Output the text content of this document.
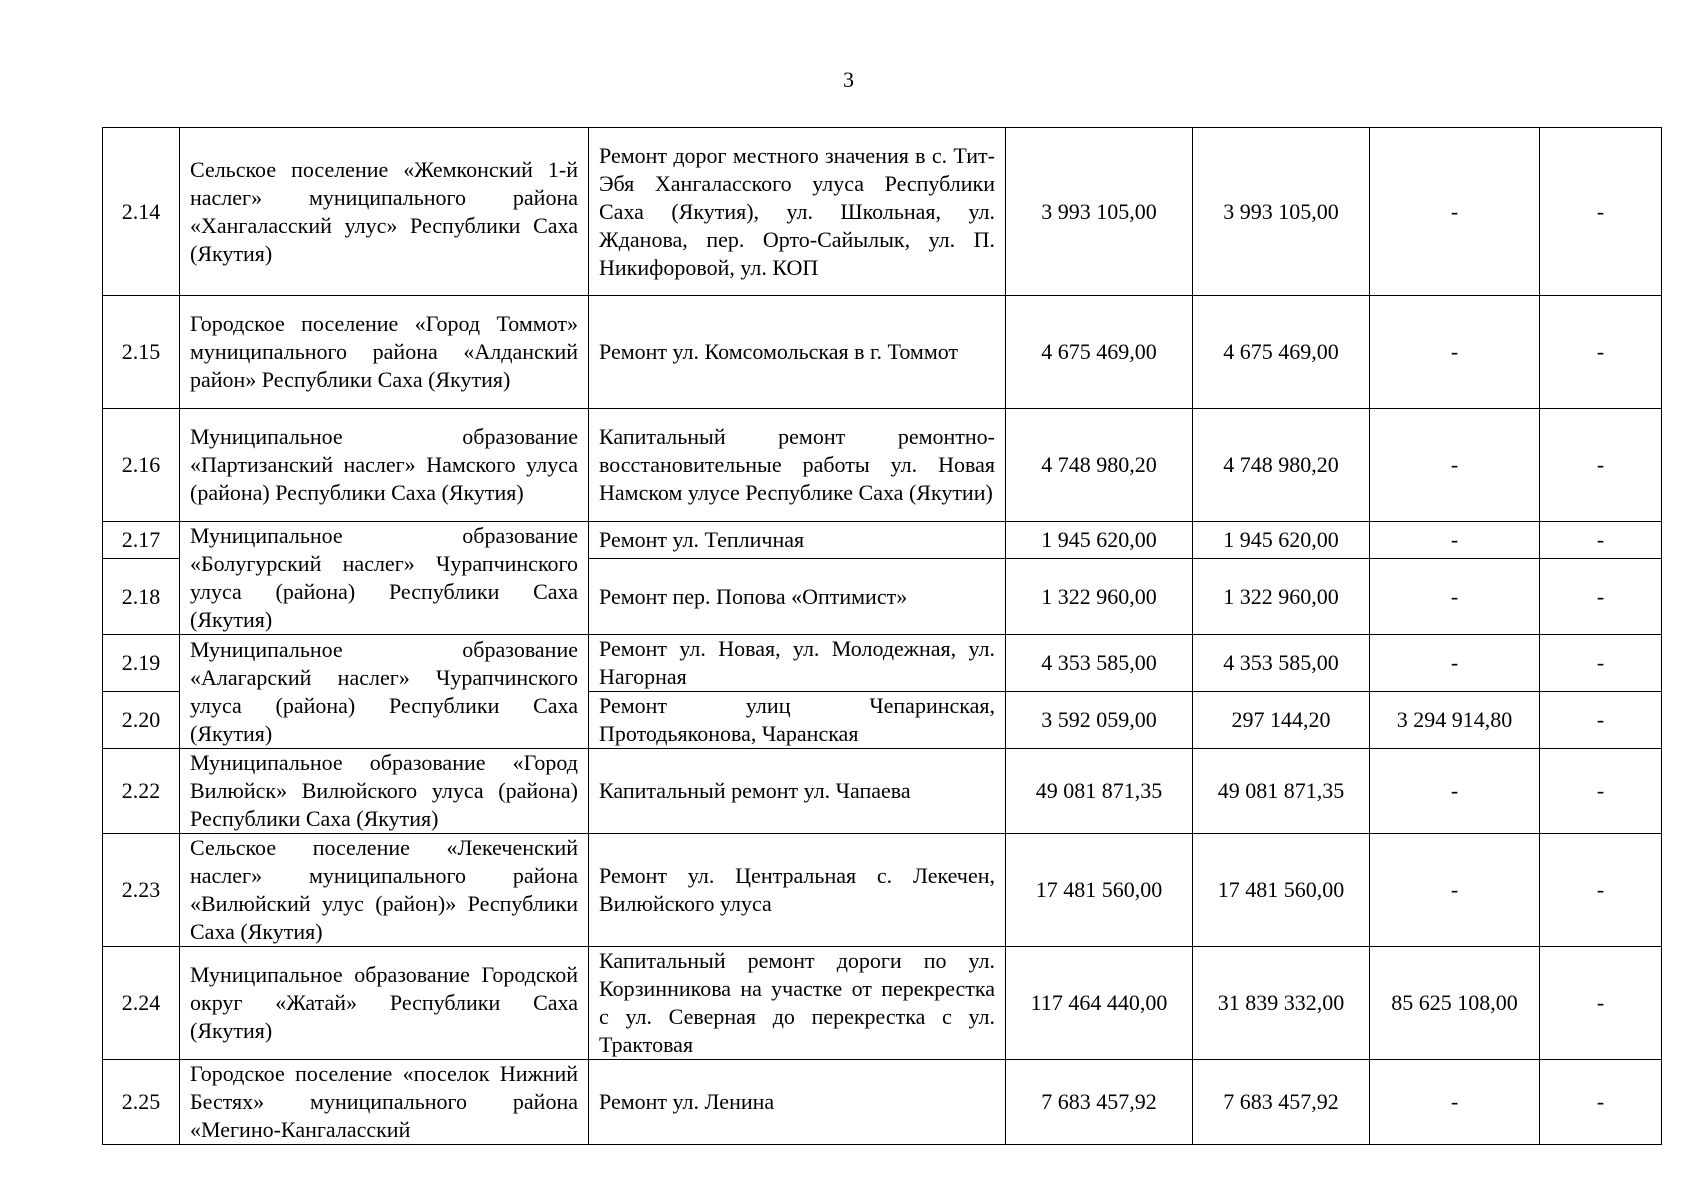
3
2.14	Сельское поселение «Жемконский 1-й наслег» муниципального района «Хангаласский улус» Республики Саха (Якутия)	Ремонт дорог местного значения в с. Тит-Эбя Хангаласского улуса Республики Саха (Якутия), ул. Школьная, ул. Жданова, пер. Орто-Сайылык, ул. П. Никифоровой, ул. КОП	3 993 105,00	3 993 105,00	-	-
2.15	Городское поселение «Город Томмот» муниципального района «Алданский район» Республики Саха (Якутия)	Ремонт ул. Комсомольская в г. Томмот	4 675 469,00	4 675 469,00	-	-
2.16	Муниципальное образование «Партизанский наслег» Намского улуса (района) Республики Саха (Якутия)	Капитальный ремонт ремонтно-восстановительные работы ул. Новая Намском улусе Республике Саха (Якутии)	4 748 980,20	4 748 980,20	-	-
2.17	Муниципальное образование «Болугурский наслег» Чурапчинского улуса (района) Республики Саха (Якутия)	Ремонт ул. Тепличная	1 945 620,00	1 945 620,00	-	-
2.18		Ремонт пер. Попова «Оптимист»	1 322 960,00	1 322 960,00	-	-
2.19	Муниципальное образование «Алагарский наслег» Чурапчинского улуса (района) Республики Саха (Якутия)	Ремонт ул. Новая, ул. Молодежная, ул. Нагорная	4 353 585,00	4 353 585,00	-	-
2.20		Ремонт улиц Чепаринская, Протодьяконова, Чаранская	3 592 059,00	297 144,20	3 294 914,80	-
2.22	Муниципальное образование «Город Вилюйск» Вилюйского улуса (района) Республики Саха (Якутия)	Капитальный ремонт ул. Чапаева	49 081 871,35	49 081 871,35	-	-
2.23	Сельское поселение «Лекеченский наслег» муниципального района «Вилюйский улус (район)» Республики Саха (Якутия)	Ремонт ул. Центральная с. Лекечен, Вилюйского улуса	17 481 560,00	17 481 560,00	-	-
2.24	Муниципальное образование Городской округ «Жатай» Республики Саха (Якутия)	Капитальный ремонт дороги по ул. Корзинникова на участке от перекрестка с ул. Северная до перекрестка с ул. Трактовая	117 464 440,00	31 839 332,00	85 625 108,00	-
2.25	Городское поселение «поселок Нижний Бестях» муниципального района «Мегино-Кангаласский	Ремонт ул. Ленина	7 683 457,92	7 683 457,92	-	-
